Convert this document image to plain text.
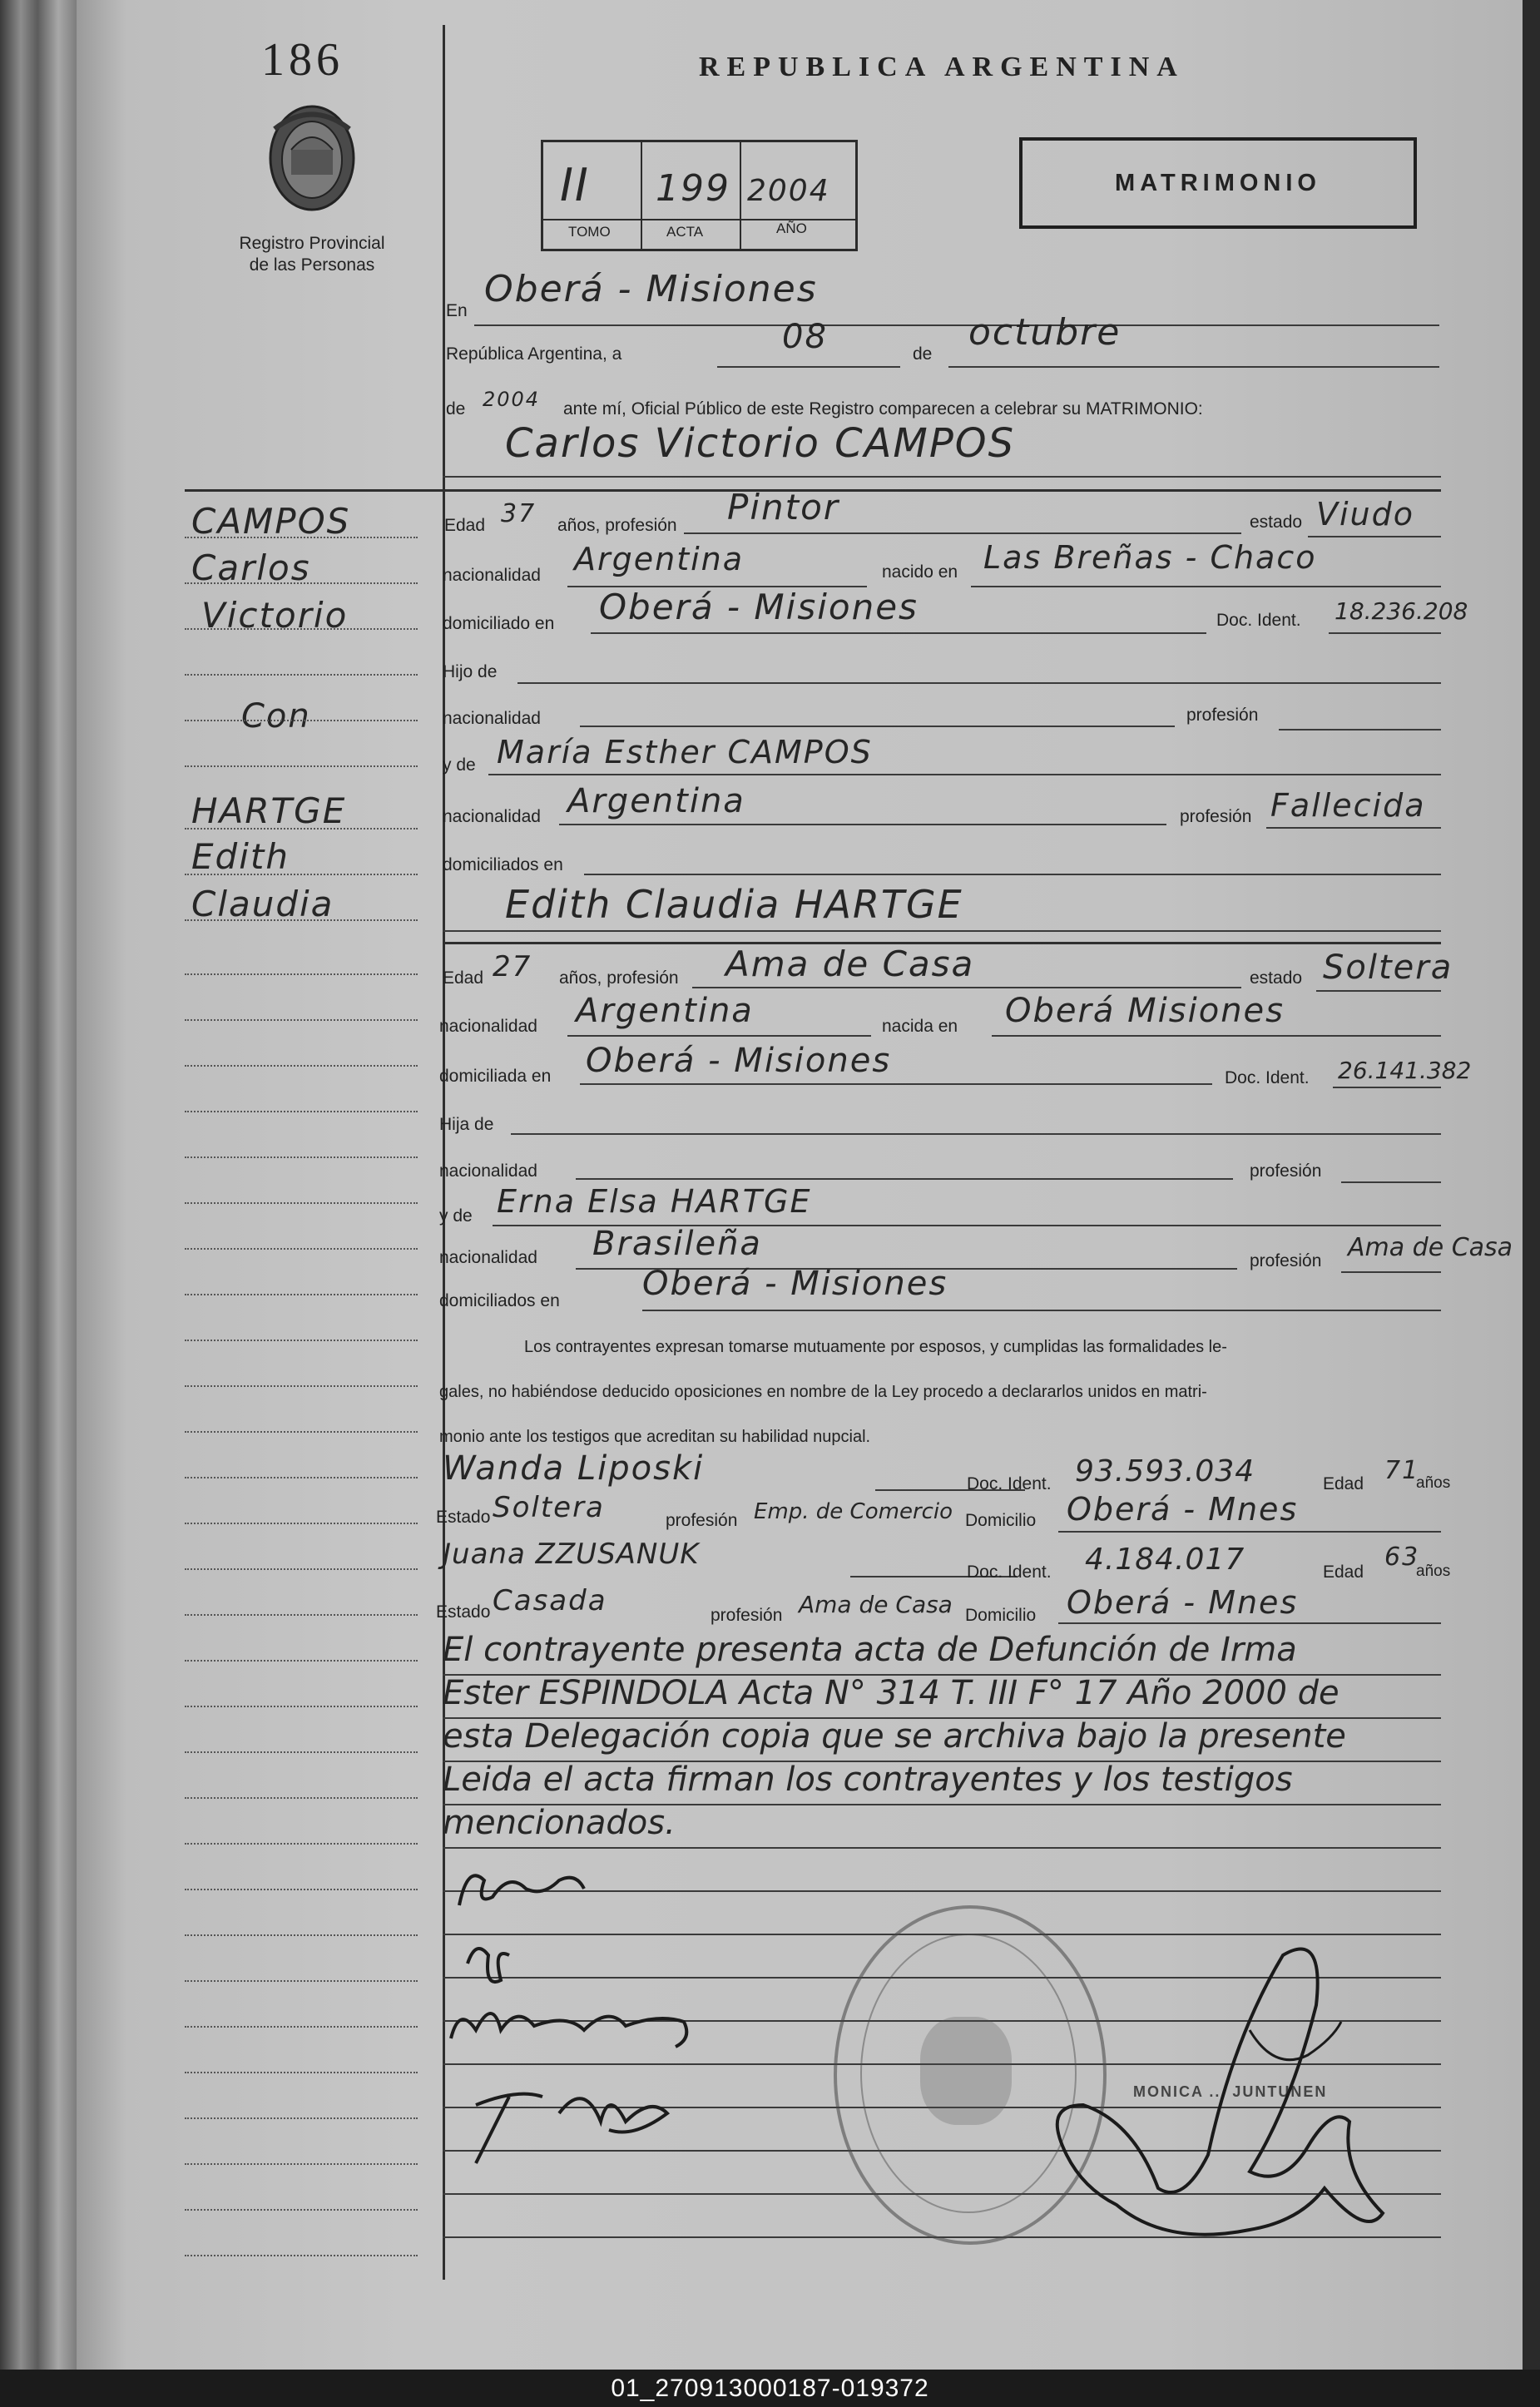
186
Registro Provincial
de las Personas
REPUBLICA ARGENTINA
II 199 2004
TOMO	ACTA	AÑO
MATRIMONIO
En
Oberá - Misiones
República Argentina, a	08	de
octubre
de 2004 ante mí, Oficial Público de este Registro comparecen a celebrar su MATRIMONIO:
Carlos Victorio CAMPOS
CAMPOS
Carlos
Victorio
Con
HARTGE
Edith
Claudia
Edad 37 años, profesión Pintor	estado Viudo
nacionalidad Argentina	nacido en Las Breñas - Chaco
domiciliado en Oberá - Misiones	Doc. Ident. 18.236.208
Hijo de
nacionalidad	profesión
y de María Esther CAMPOS
nacionalidad Argentina	profesión Fallecida
domiciliados en
Edith Claudia HARTGE
Edad 27 años, profesión Ama de Casa	estado Soltera
nacionalidad Argentina	nacida en Oberá Misiones
domiciliada en Oberá - Misiones	Doc. Ident. 26.141.382
Hija de
nacionalidad	profesión
y de Erna Elsa HARTGE
nacionalidad Brasileña	profesión Ama de Casa
domiciliados en Oberá - Misiones
Los contrayentes expresan tomarse mutuamente por esposos, y cumplidas las formalidades le-
gales, no habiéndose deducido oposiciones en nombre de la Ley procedo a declararlos unidos en matri-
monio ante los testigos que acreditan su habilidad nupcial.
Wanda Liposki	Doc. Ident. 93.593.034	Edad 71
años
Estado Soltera	profesión Emp. de Comercio Domicilio Oberá - Mnes
Juana ZZUSANUK
Doc. Ident. 4.184.017	Edad
63
años
Estado Casada	profesión Ama de Casa Domicilio Oberá - Mnes
El contrayente presenta acta de Defunción de Irma
Ester ESPINDOLA Acta N° 314 T. III F° 17 Año 2000 de
esta Delegación copia que se archiva bajo la presente
Leida el acta firman los contrayentes y los testigos
mencionados.
MONICA ... JUNTUNEN
01_270913000187-019372
